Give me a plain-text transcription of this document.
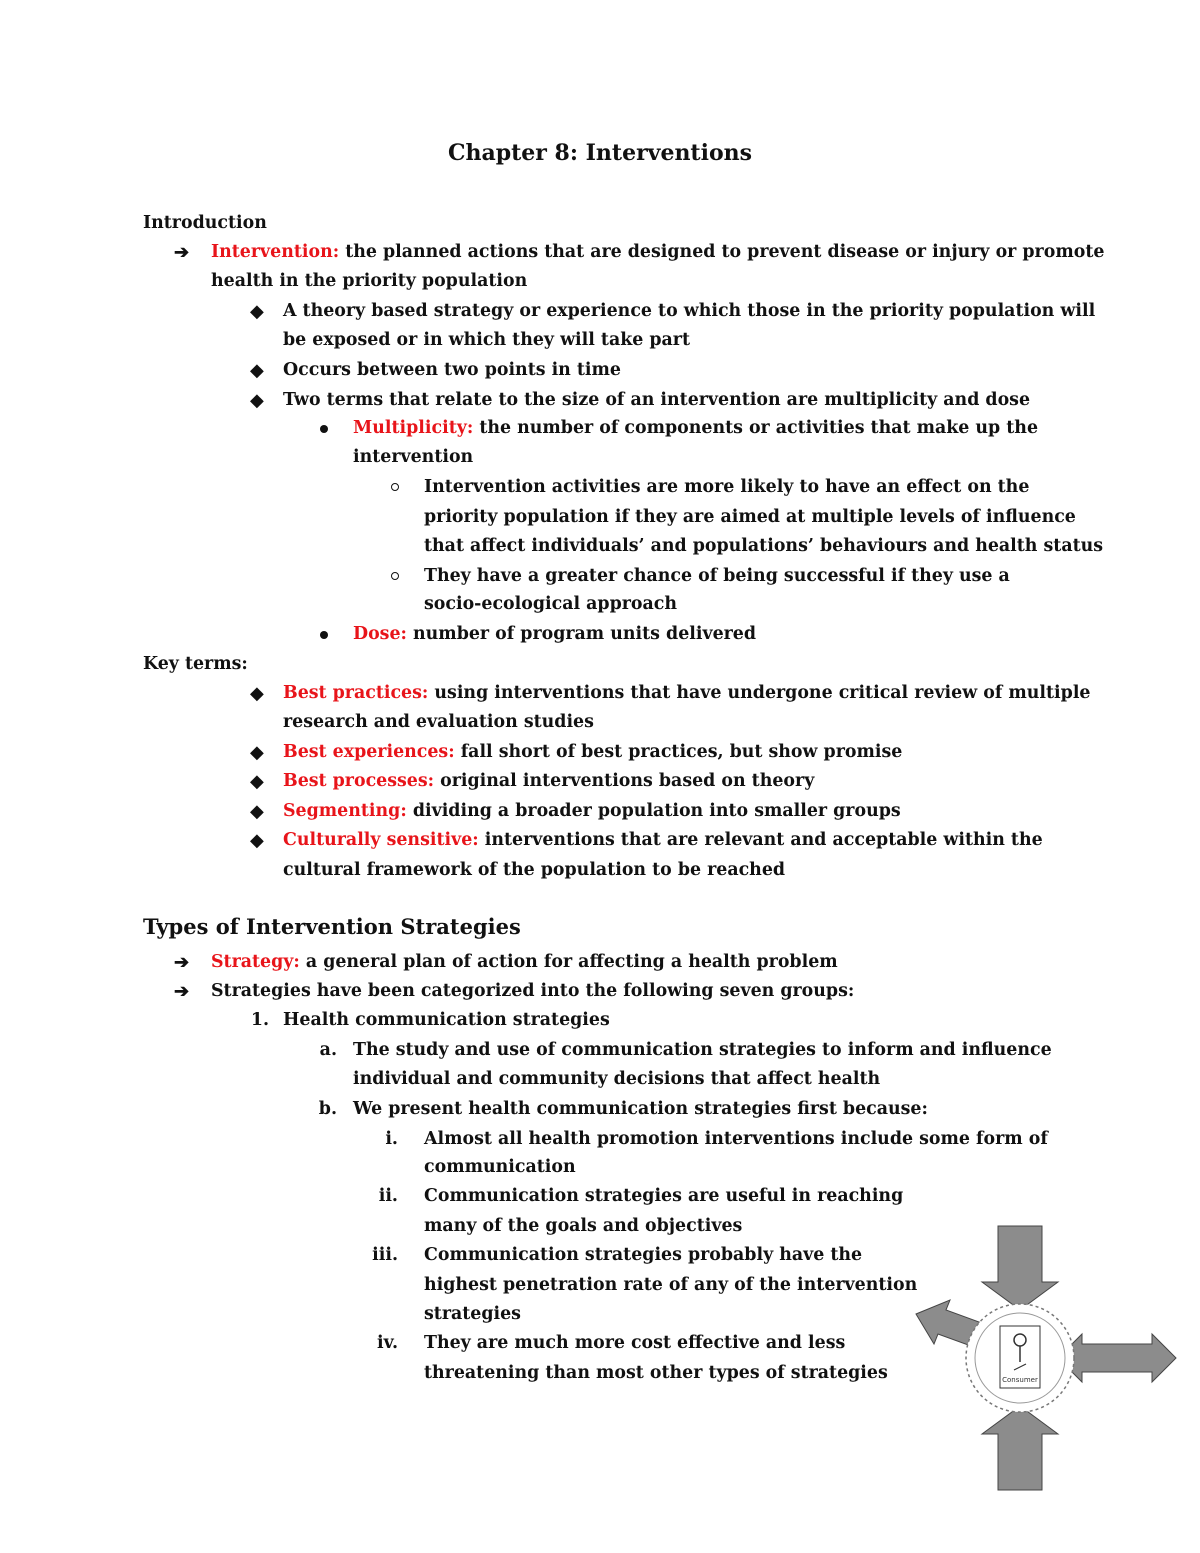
Chapter 8: Interventions
Introduction
➔ Intervention: the planned actions that are designed to prevent disease or injury or promote
health in the priority population
◆ A theory based strategy or experience to which those in the priority population will
be exposed or in which they will take part
◆ Occurs between two points in time
◆ Two terms that relate to the size of an intervention are multiplicity and dose
Multiplicity: the number of components or activities that make up the
intervention
Intervention activities are more likely to have an effect on the
priority population if they are aimed at multiple levels of influence
that affect individuals’ and populations’ behaviours and health status
They have a greater chance of being successful if they use a
socio-ecological approach
Dose: number of program units delivered
Key terms:
◆ Best practices: using interventions that have undergone critical review of multiple
research and evaluation studies
◆ Best experiences: fall short of best practices, but show promise
◆ Best processes: original interventions based on theory
◆ Segmenting: dividing a broader population into smaller groups
◆ Culturally sensitive: interventions that are relevant and acceptable within the
cultural framework of the population to be reached
Types of Intervention Strategies
➔ Strategy: a general plan of action for affecting a health problem
➔ Strategies have been categorized into the following seven groups:
1. Health communication strategies
a. The study and use of communication strategies to inform and influence
individual and community decisions that affect health
b. We present health communication strategies first because:
i. Almost all health promotion interventions include some form of
communication
ii. Communication strategies are useful in reaching
many of the goals and objectives
iii. Communication strategies probably have the
highest penetration rate of any of the intervention
strategies
iv. They are much more cost effective and less
threatening than most other types of strategies	Consumer
